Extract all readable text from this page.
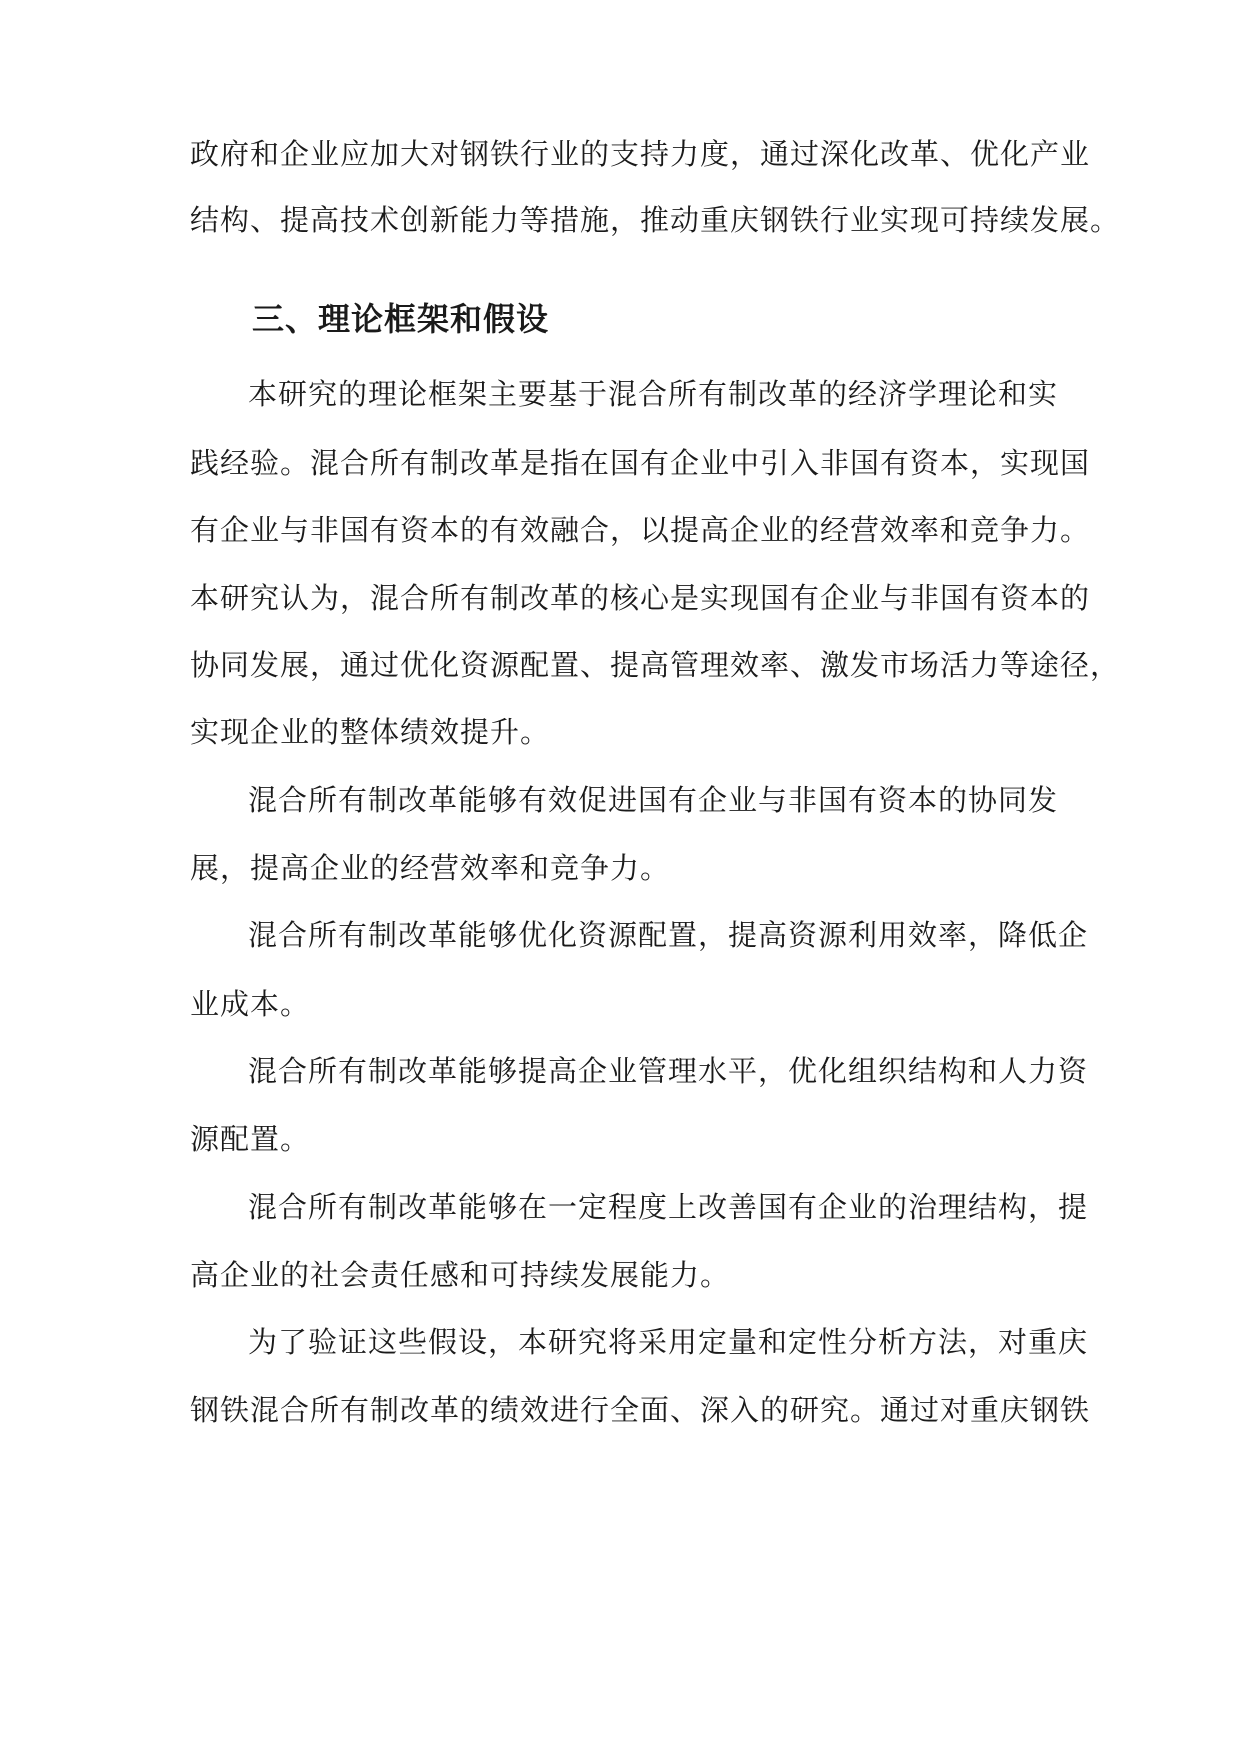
政府和企业应加大对钢铁行业的支持力度，通过深化改革、优化产业
结构、提高技术创新能力等措施，推动重庆钢铁行业实现可持续发展。
三、理论框架和假设
本研究的理论框架主要基于混合所有制改革的经济学理论和实
践经验。混合所有制改革是指在国有企业中引入非国有资本，实现国
有企业与非国有资本的有效融合，以提高企业的经营效率和竞争力。
本研究认为，混合所有制改革的核心是实现国有企业与非国有资本的
协同发展，通过优化资源配置、提高管理效率、激发市场活力等途径，
实现企业的整体绩效提升。
混合所有制改革能够有效促进国有企业与非国有资本的协同发
展，提高企业的经营效率和竞争力。
混合所有制改革能够优化资源配置，提高资源利用效率，降低企
业成本。
混合所有制改革能够提高企业管理水平，优化组织结构和人力资
源配置。
混合所有制改革能够在一定程度上改善国有企业的治理结构，提
高企业的社会责任感和可持续发展能力。
为了验证这些假设，本研究将采用定量和定性分析方法，对重庆
钢铁混合所有制改革的绩效进行全面、深入的研究。通过对重庆钢铁
